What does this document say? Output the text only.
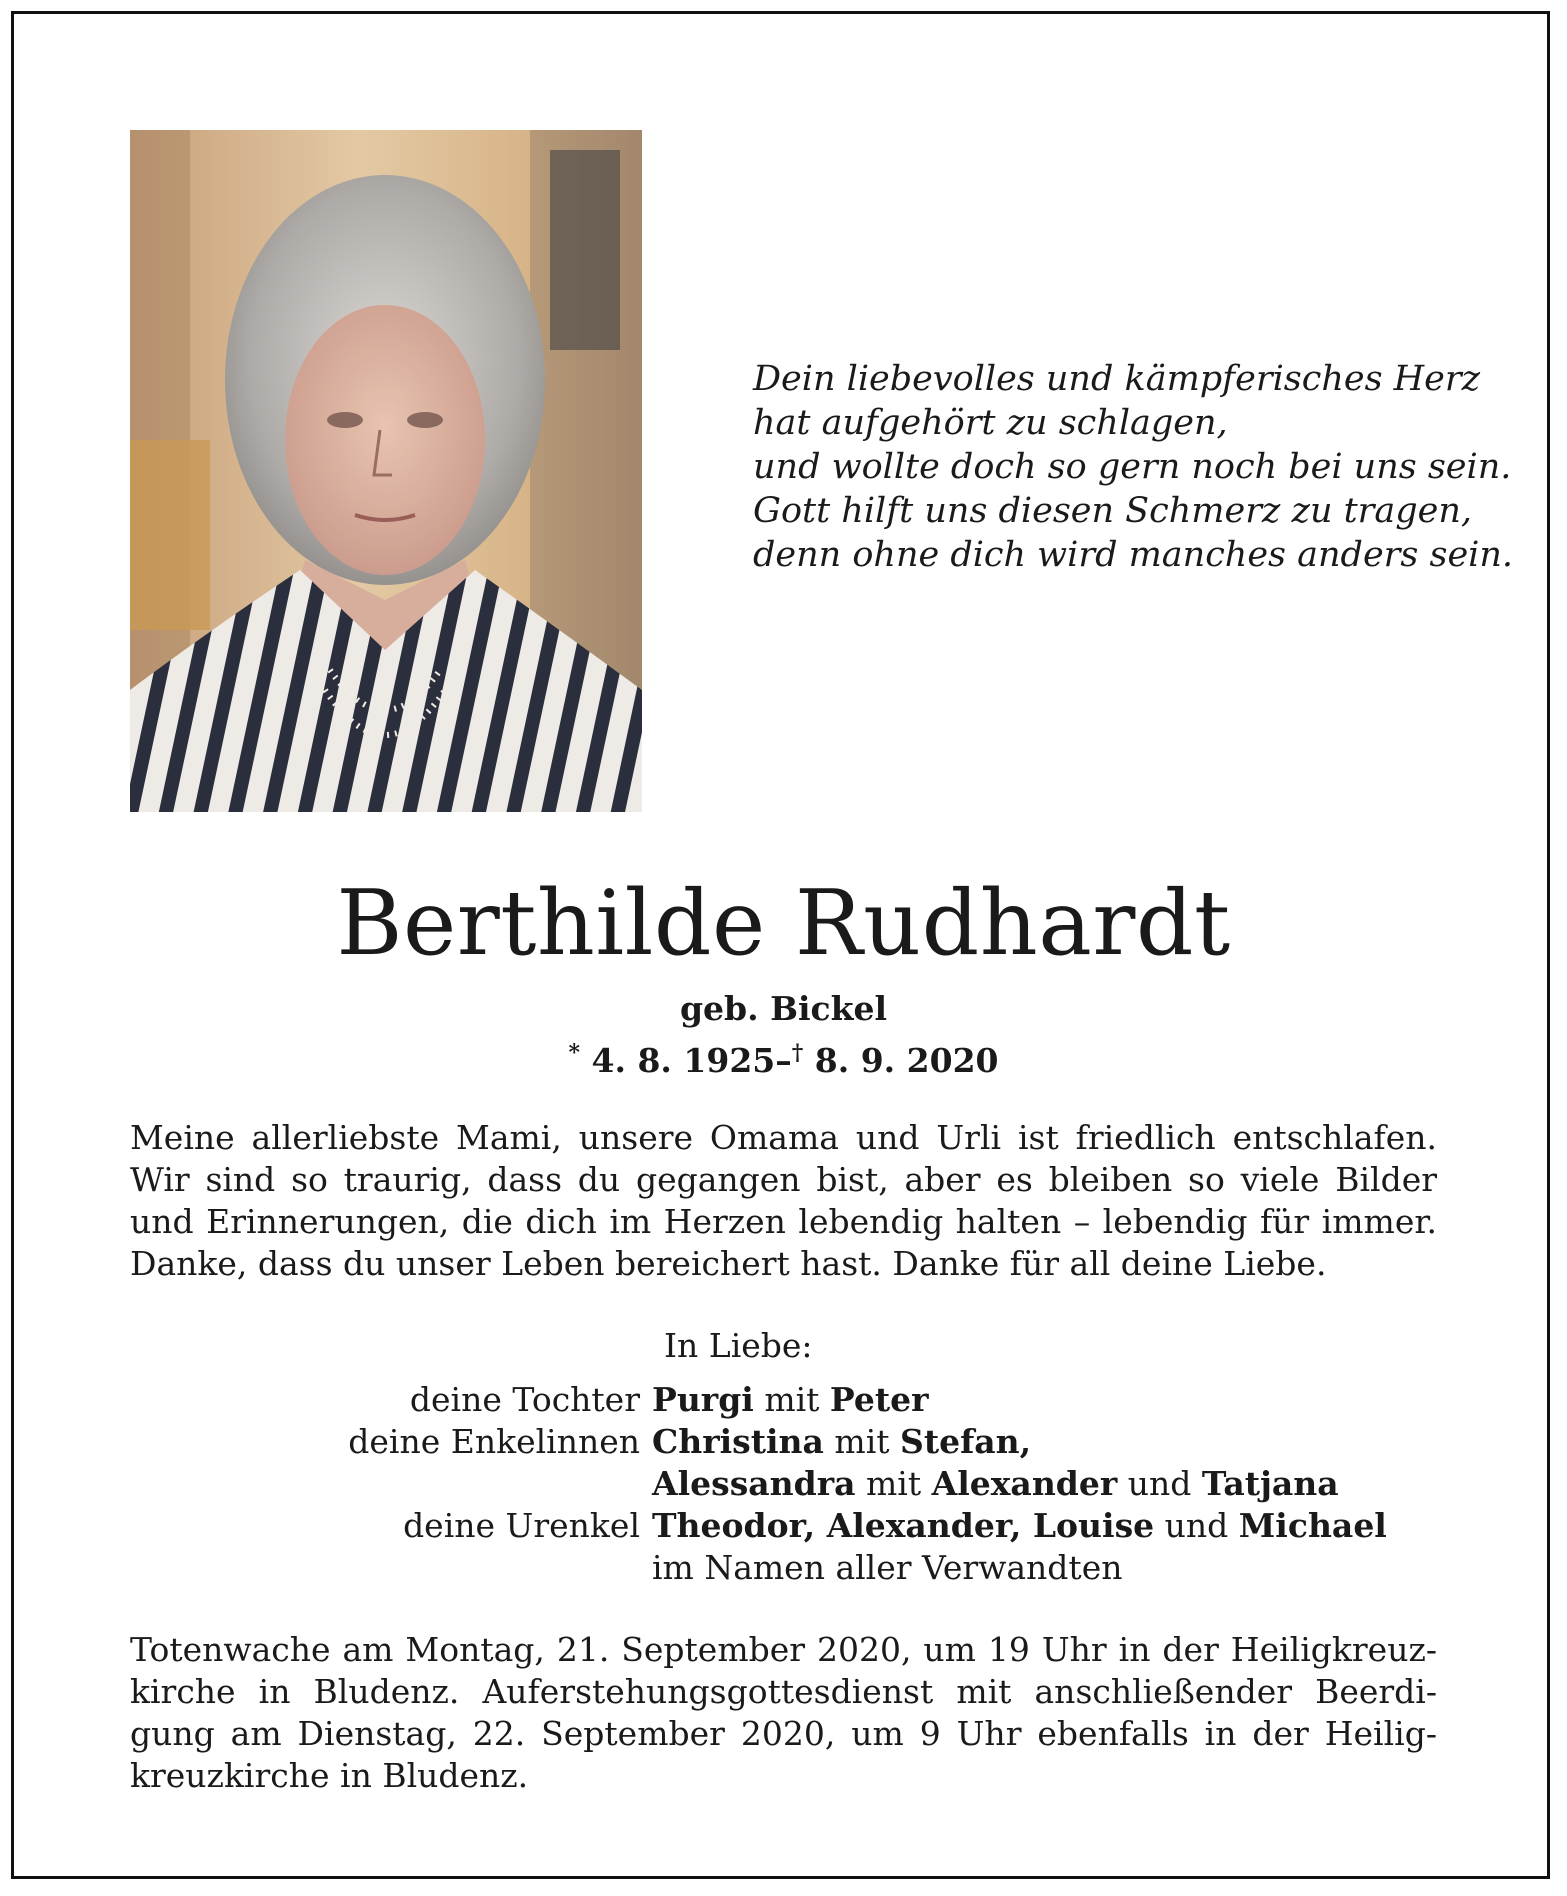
Dein liebevolles und kämpferisches Herz
hat aufgehört zu schlagen,
und wollte doch so gern noch bei uns sein.
Gott hilft uns diesen Schmerz zu tragen,
denn ohne dich wird manches anders sein.
Berthilde Rudhardt
geb. Bickel
* 4. 8. 1925–† 8. 9. 2020
Meine allerliebste Mami, unsere Omama und Urli ist friedlich entschlafen.
Wir sind so traurig, dass du gegangen bist, aber es bleiben so viele Bilder
und Erinnerungen, die dich im Herzen lebendig halten – lebendig für immer.
Danke, dass du unser Leben bereichert hast. Danke für all deine Liebe.
In Liebe:
deine Tochter Purgi mit Peter
deine Enkelinnen Christina mit Stefan,
Alessandra mit Alexander und Tatjana
deine Urenkel Theodor, Alexander, Louise und Michael
im Namen aller Verwandten
Totenwache am Montag, 21. September 2020, um 19 Uhr in der Heiligkreuz-
kirche in Bludenz. Auferstehungsgottesdienst mit anschließender Beerdi-
gung am Dienstag, 22. September 2020, um 9 Uhr ebenfalls in der Heilig-
kreuzkirche in Bludenz.
